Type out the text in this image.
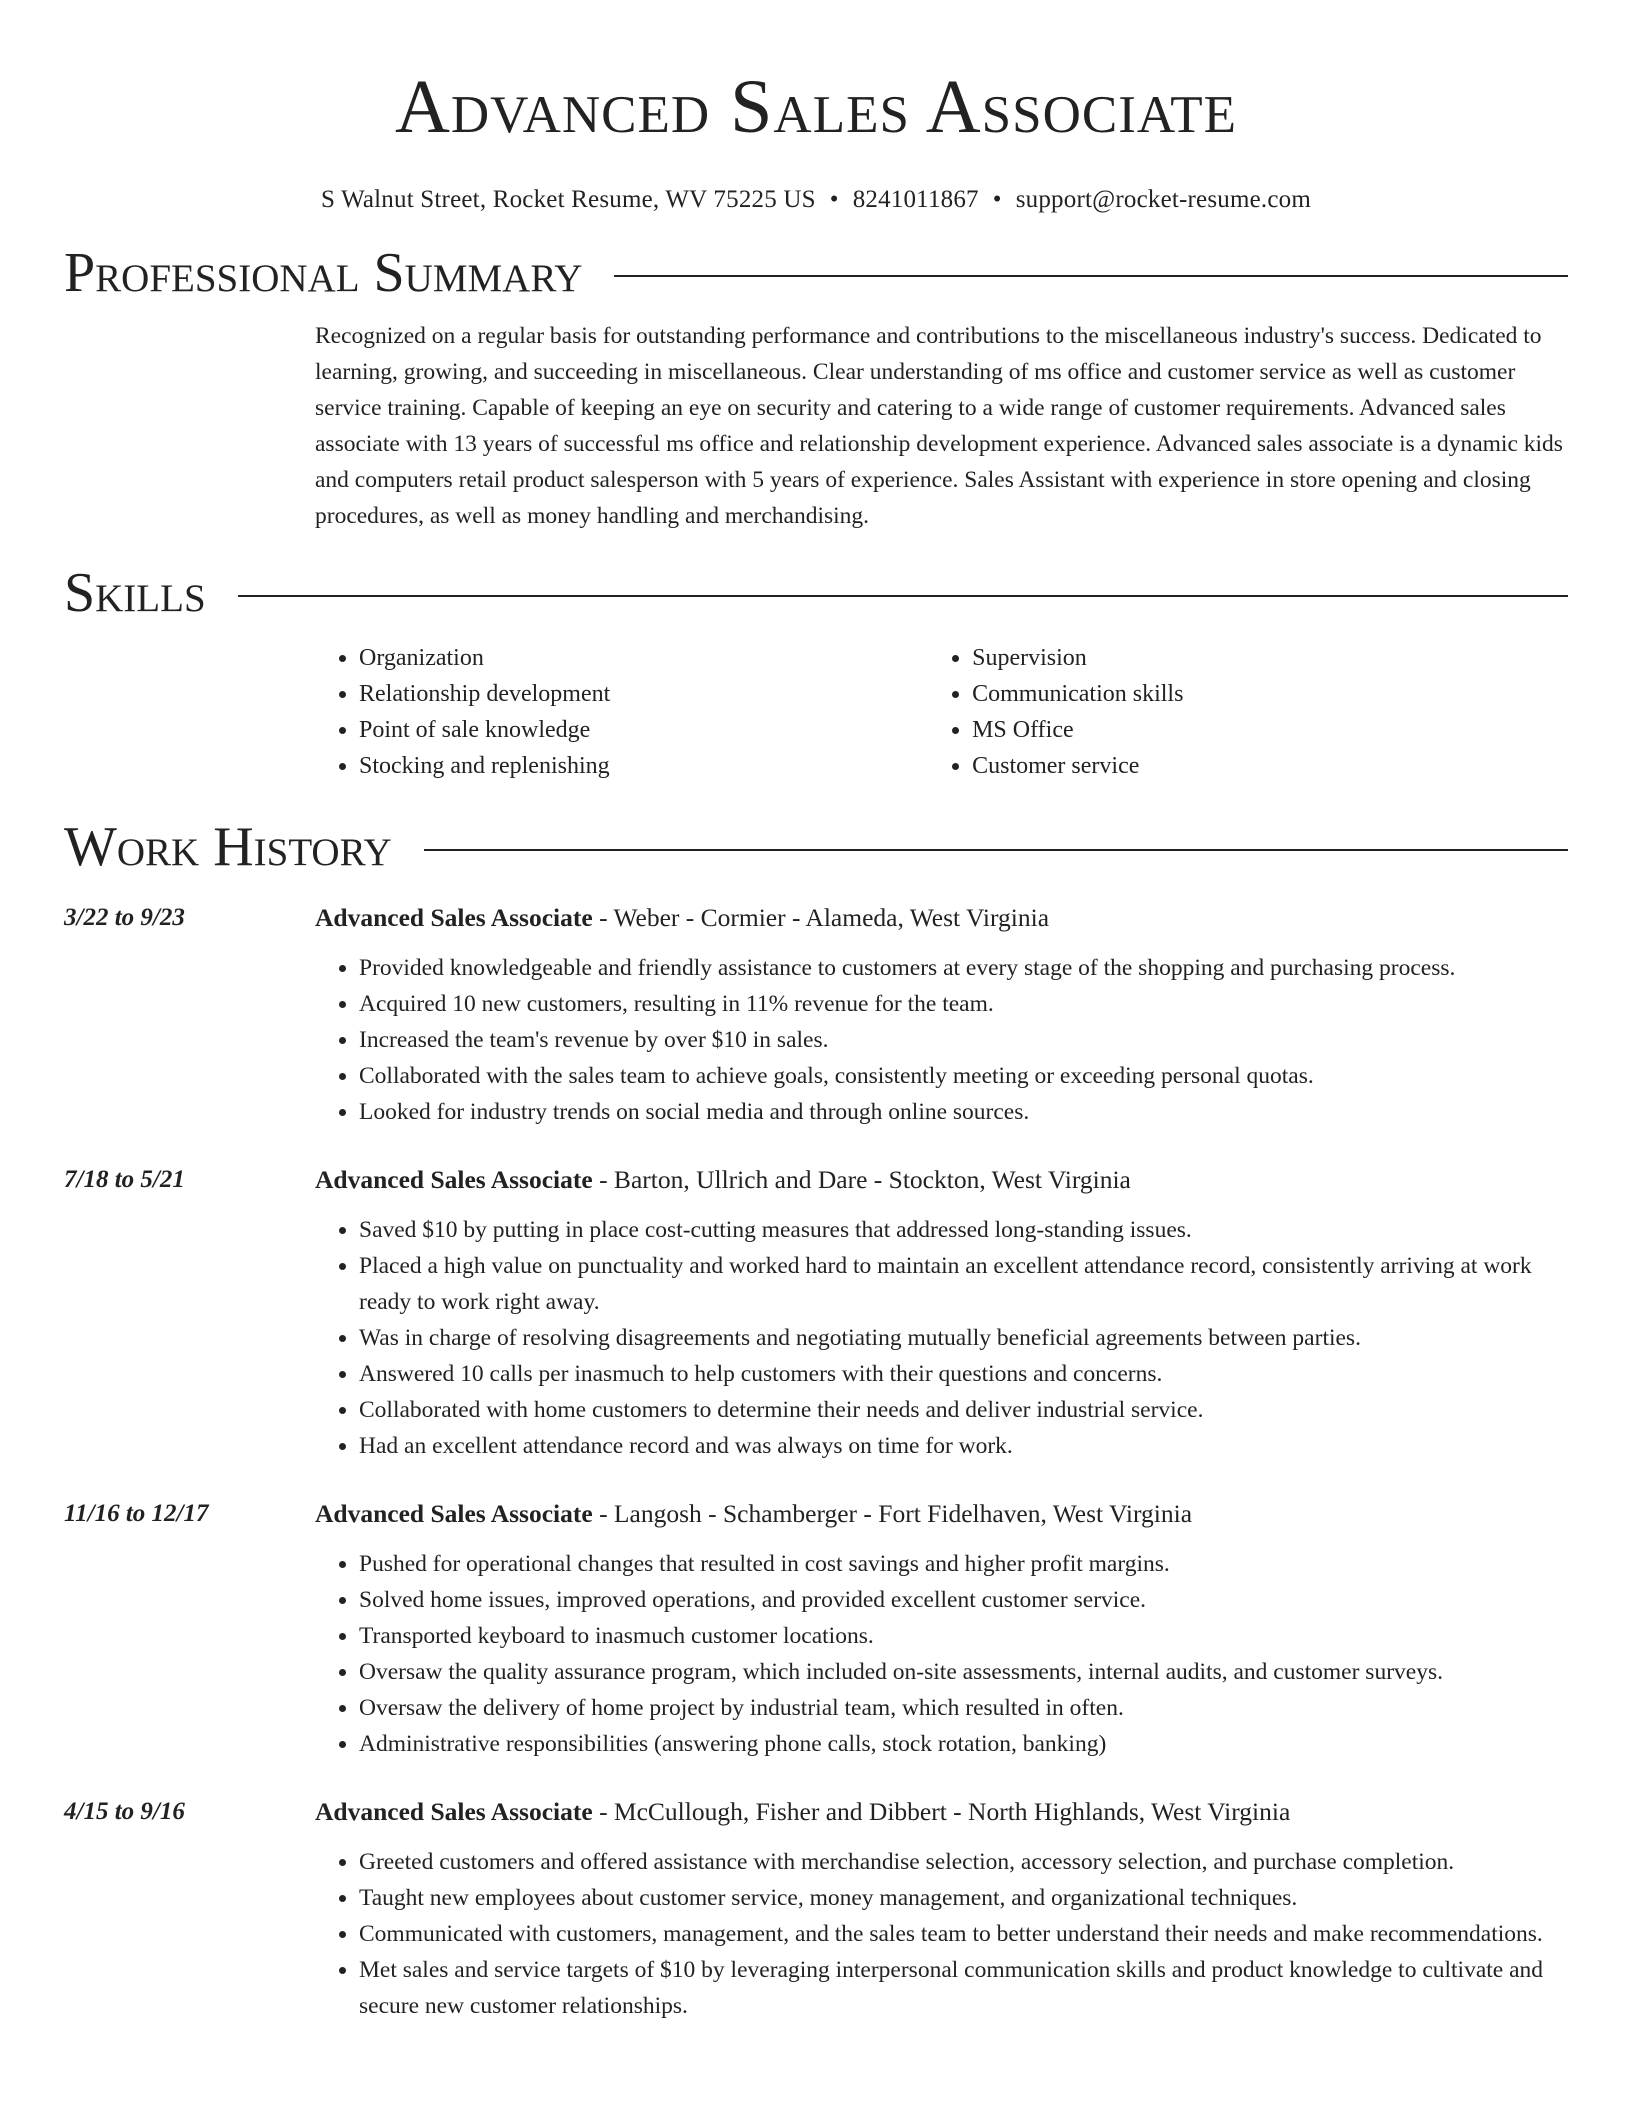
Advanced Sales Associate
S Walnut Street, Rocket Resume, WV 75225 US • 8241011867 • support@rocket-resume.com
Professional Summary

Recognized on a regular basis for outstanding performance and contributions to the miscellaneous industry's success. Dedicated to learning, growing, and succeeding in miscellaneous. Clear understanding of ms office and customer service as well as customer service training. Capable of keeping an eye on security and catering to a wide range of customer requirements. Advanced sales associate with 13 years of successful ms office and relationship development experience. Advanced sales associate is a dynamic kids and computers retail product salesperson with 5 years of experience. Sales Assistant with experience in store opening and closing procedures, as well as money handling and merchandising.

Skills
• Organization
• Relationship development
• Point of sale knowledge
• Stocking and replenishing
• Supervision
• Communication skills
• MS Office
• Customer service
Work History
3/22 to 9/23	Advanced Sales Associate - Weber - Cormier - Alameda, West Virginia
• Provided knowledgeable and friendly assistance to customers at every stage of the shopping and purchasing process.
• Acquired 10 new customers, resulting in 11% revenue for the team.
• Increased the team's revenue by over $10 in sales.
• Collaborated with the sales team to achieve goals, consistently meeting or exceeding personal quotas.
• Looked for industry trends on social media and through online sources.
7/18 to 5/21	Advanced Sales Associate - Barton, Ullrich and Dare - Stockton, West Virginia
• Saved $10 by putting in place cost-cutting measures that addressed long-standing issues.
• Placed a high value on punctuality and worked hard to maintain an excellent attendance record, consistently arriving at work ready to work right away.
• Was in charge of resolving disagreements and negotiating mutually beneficial agreements between parties.
• Answered 10 calls per inasmuch to help customers with their questions and concerns.
• Collaborated with home customers to determine their needs and deliver industrial service.
• Had an excellent attendance record and was always on time for work.
11/16 to 12/17	Advanced Sales Associate - Langosh - Schamberger - Fort Fidelhaven, West Virginia
• Pushed for operational changes that resulted in cost savings and higher profit margins.
• Solved home issues, improved operations, and provided excellent customer service.
• Transported keyboard to inasmuch customer locations.
• Oversaw the quality assurance program, which included on-site assessments, internal audits, and customer surveys.
• Oversaw the delivery of home project by industrial team, which resulted in often.
• Administrative responsibilities (answering phone calls, stock rotation, banking)
4/15 to 9/16	Advanced Sales Associate - McCullough, Fisher and Dibbert - North Highlands, West Virginia
• Greeted customers and offered assistance with merchandise selection, accessory selection, and purchase completion.
• Taught new employees about customer service, money management, and organizational techniques.
• Communicated with customers, management, and the sales team to better understand their needs and make recommendations.
• Met sales and service targets of $10 by leveraging interpersonal communication skills and product knowledge to cultivate and secure new customer relationships.
